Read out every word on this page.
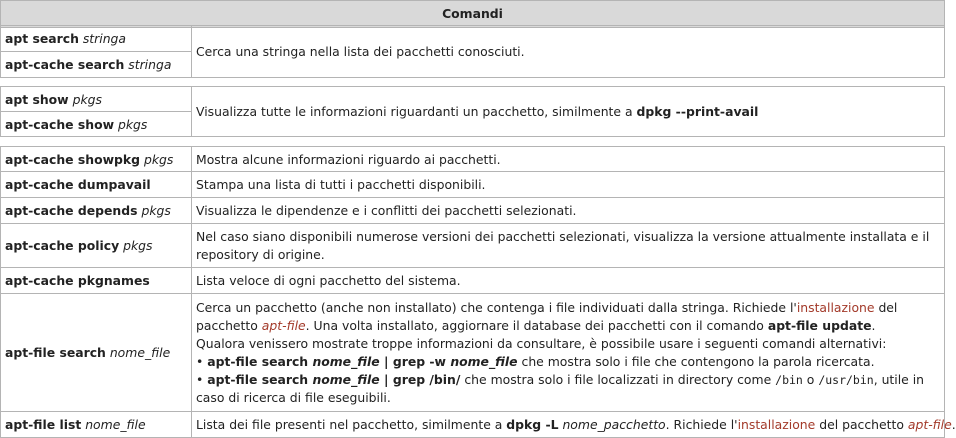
Comandi
apt search stringa	Cerca una stringa nella lista dei pacchetti conosciuti.
apt-cache search stringa
apt show pkgs	Visualizza tutte le informazioni riguardanti un pacchetto, similmente a dpkg --print-avail
apt-cache show pkgs
apt-cache showpkg pkgs	Mostra alcune informazioni riguardo ai pacchetti.
apt-cache dumpavail	Stampa una lista di tutti i pacchetti disponibili.
apt-cache depends pkgs	Visualizza le dipendenze e i conflitti dei pacchetti selezionati.
apt-cache policy pkgs	Nel caso siano disponibili numerose versioni dei pacchetti selezionati, visualizza la versione attualmente installata e il repository di origine.
apt-cache pkgnames	Lista veloce di ogni pacchetto del sistema.
apt-file search nome_file	Cerca un pacchetto (anche non installato) che contenga i file individuati dalla stringa. Richiede l'installazione del pacchetto apt-file. Una volta installato, aggiornare il database dei pacchetti con il comando apt-file update.
Qualora venissero mostrate troppe informazioni da consultare, è possibile usare i seguenti comandi alternativi:
• apt-file search nome_file | grep -w nome_file che mostra solo i file che contengono la parola ricercata.
• apt-file search nome_file | grep /bin/ che mostra solo i file localizzati in directory come /bin o /usr/bin, utile in caso di ricerca di file eseguibili.
apt-file list nome_file	Lista dei file presenti nel pacchetto, similmente a dpkg -L nome_pacchetto. Richiede l'installazione del pacchetto apt-file.
